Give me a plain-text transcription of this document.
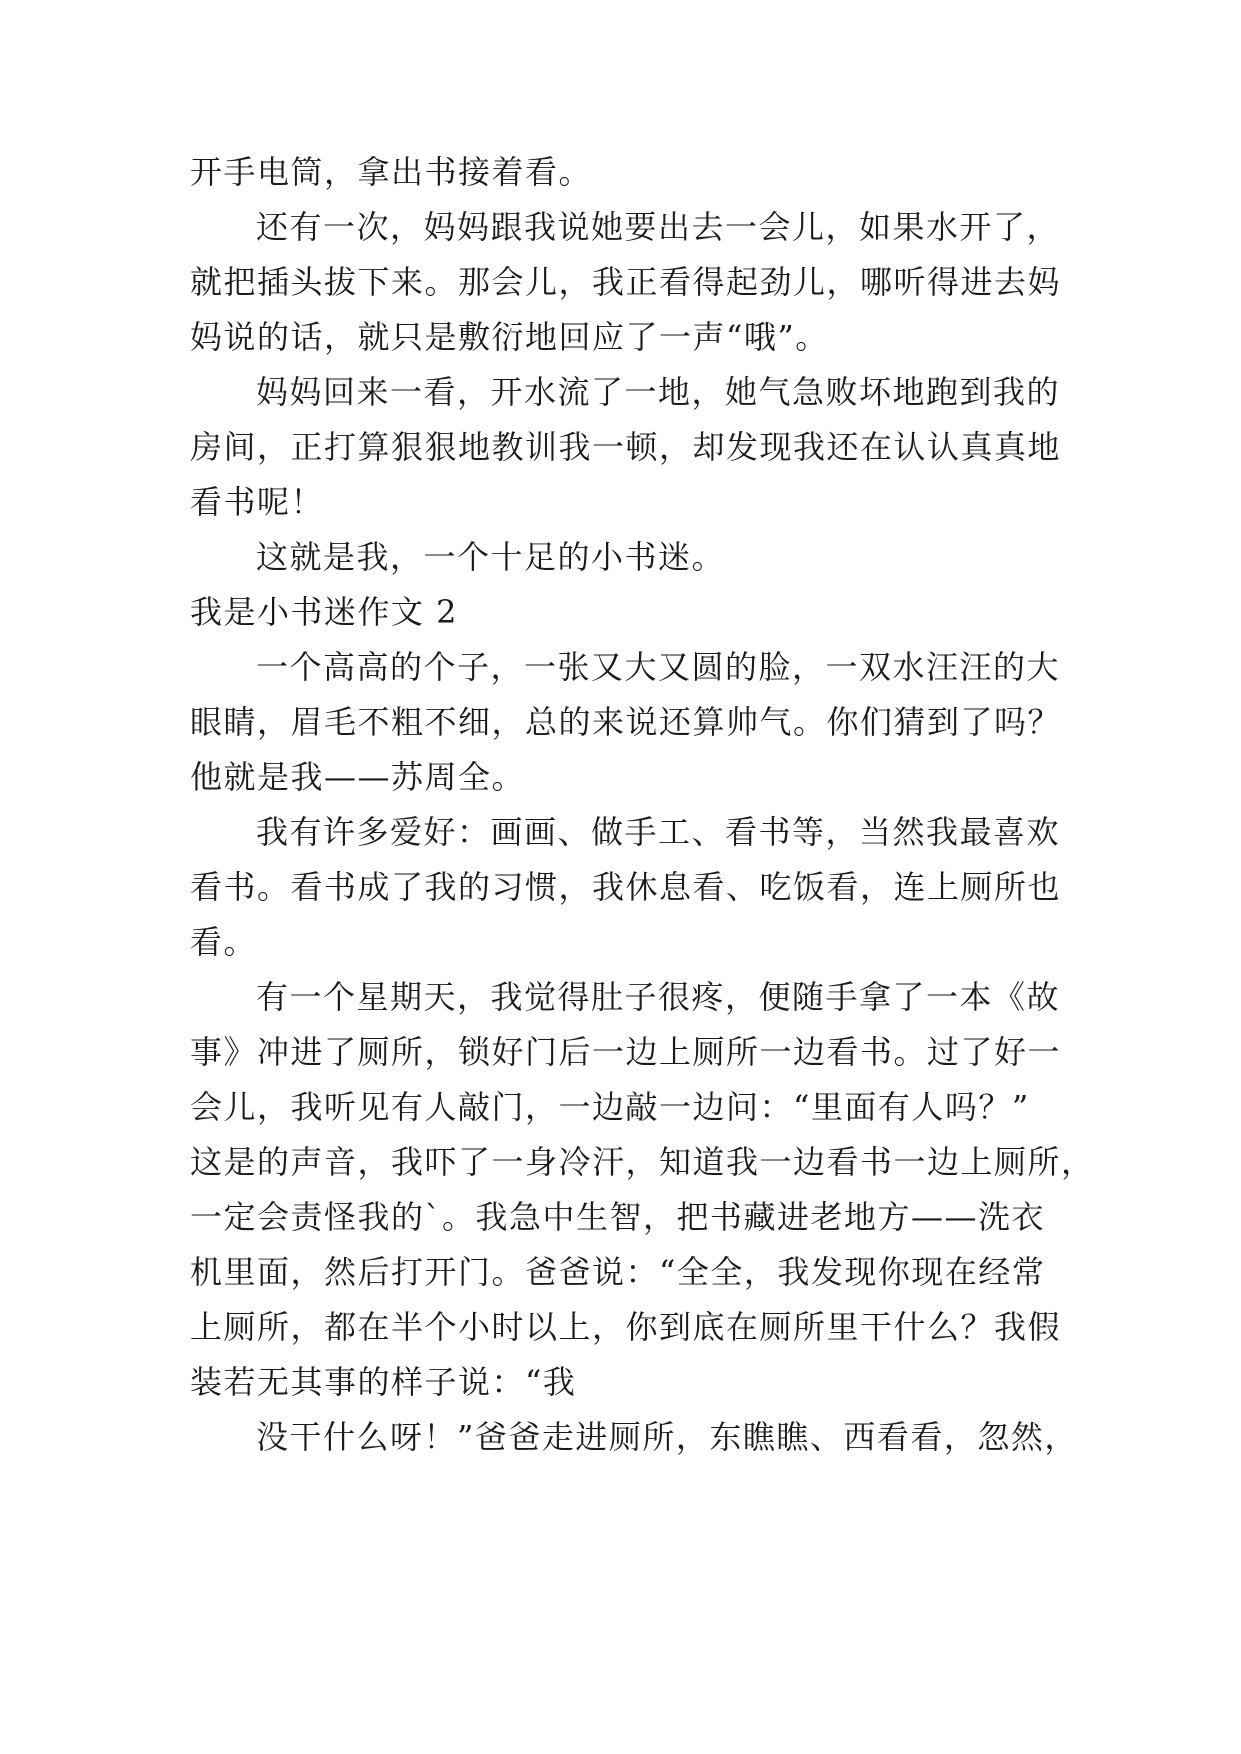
开手电筒，拿出书接着看。
还有一次，妈妈跟我说她要出去一会儿，如果水开了，
就把插头拔下来。那会儿，我正看得起劲儿，哪听得进去妈
妈说的话，就只是敷衍地回应了一声“哦”。
妈妈回来一看，开水流了一地，她气急败坏地跑到我的
房间，正打算狠狠地教训我一顿，却发现我还在认认真真地
看书呢！
这就是我，一个十足的小书迷。
我是小书迷作文 2
一个高高的个子，一张又大又圆的脸，一双水汪汪的大
眼睛，眉毛不粗不细，总的来说还算帅气。你们猜到了吗？
他就是我——苏周全。
我有许多爱好：画画、做手工、看书等，当然我最喜欢
看书。看书成了我的习惯，我休息看、吃饭看，连上厕所也
看。
有一个星期天，我觉得肚子很疼，便随手拿了一本《故
事》冲进了厕所，锁好门后一边上厕所一边看书。过了好一
会儿，我听见有人敲门，一边敲一边问：“里面有人吗？”
这是的声音，我吓了一身冷汗，知道我一边看书一边上厕所，
一定会责怪我的`。我急中生智，把书藏进老地方——洗衣
机里面，然后打开门。爸爸说：“全全，我发现你现在经常
上厕所，都在半个小时以上，你到底在厕所里干什么？我假
装若无其事的样子说：“我
没干什么呀！”爸爸走进厕所，东瞧瞧、西看看，忽然，
